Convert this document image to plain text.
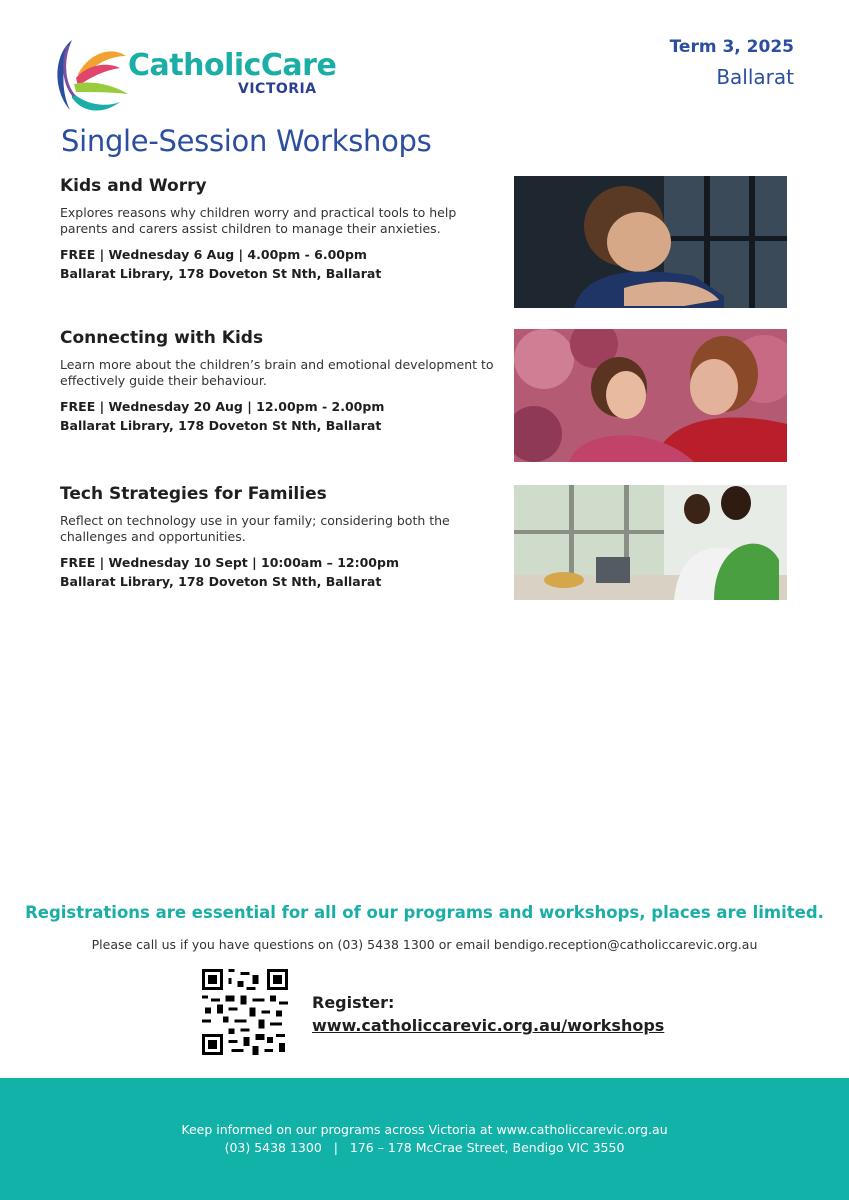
CatholicCare
VICTORIA
Term 3, 2025
Ballarat
Single-Session Workshops
Kids and Worry
Explores reasons why children worry and practical tools to help parents and carers assist children to manage their anxieties.
FREE | Wednesday 6 Aug | 4.00pm - 6.00pm
Ballarat Library, 178 Doveton St Nth, Ballarat
Connecting with Kids
Learn more about the children’s brain and emotional development to effectively guide their behaviour.
FREE | Wednesday 20 Aug | 12.00pm - 2.00pm
Ballarat Library, 178 Doveton St Nth, Ballarat
Tech Strategies for Families
Reflect on technology use in your family; considering both the challenges and opportunities.
FREE | Wednesday 10 Sept | 10:00am – 12:00pm
Ballarat Library, 178 Doveton St Nth, Ballarat
Registrations are essential for all of our programs and workshops, places are limited.
Please call us if you have questions on (03) 5438 1300 or email bendigo.reception@catholiccarevic.org.au
Register:
www.catholiccarevic.org.au/workshops
Keep informed on our programs across Victoria at www.catholiccarevic.org.au
(03) 5438 1300   |   176 – 178 McCrae Street, Bendigo VIC 3550
